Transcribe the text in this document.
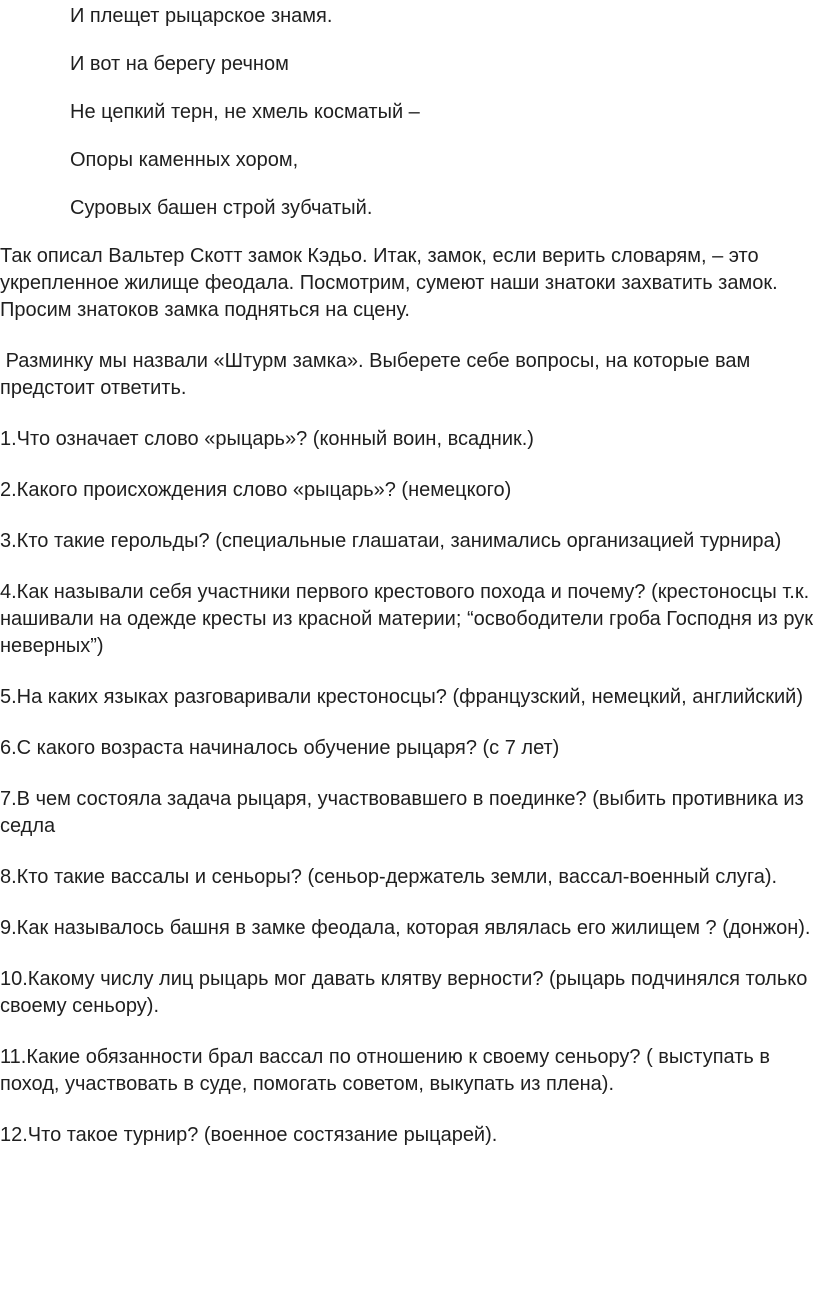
И плещет рыцарское знамя.

И вот на берегу речном

Не цепкий терн, не хмель косматый –

Опоры каменных хором,

Суровых башен строй зубчатый.

Так описал Вальтер Скотт замок Кэдьо. Итак, замок, если верить словарям, – это укрепленное жилище феодала. Посмотрим, сумеют наши знатоки захватить замок. Просим знатоков замка подняться на сцену.

Разминку мы назвали «Штурм замка». Выберете себе вопросы, на которые вам предстоит ответить.

1.Что означает слово «рыцарь»? (конный воин, всадник.)

2.Какого происхождения слово «рыцарь»? (немецкого)

3.Кто такие герольды? (специальные глашатаи, занимались организацией турнира)

4.Как называли себя участники первого крестового похода и почему? (крестоносцы т.к. нашивали на одежде кресты из красной материи; “освободители гроба Господня из рук неверных”)

5.На каких языках разговаривали крестоносцы? (французский, немецкий, английский)

6.С какого возраста начиналось обучение рыцаря? (с 7 лет)

7.В чем состояла задача рыцаря, участвовавшего в поединке? (выбить противника из седла

8.Кто такие вассалы и сеньоры? (сеньор-держатель земли, вассал-военный слуга).

9.Как называлось башня в замке феодала, которая являлась его жилищем ? (донжон).

10.Какому числу лиц рыцарь мог давать клятву верности? (рыцарь подчинялся только своему сеньору).

11.Какие обязанности брал вассал по отношению к своему сеньору? ( выступать в поход, участвовать в суде, помогать советом, выкупать из плена).

12.Что такое турнир? (военное состязание рыцарей).
